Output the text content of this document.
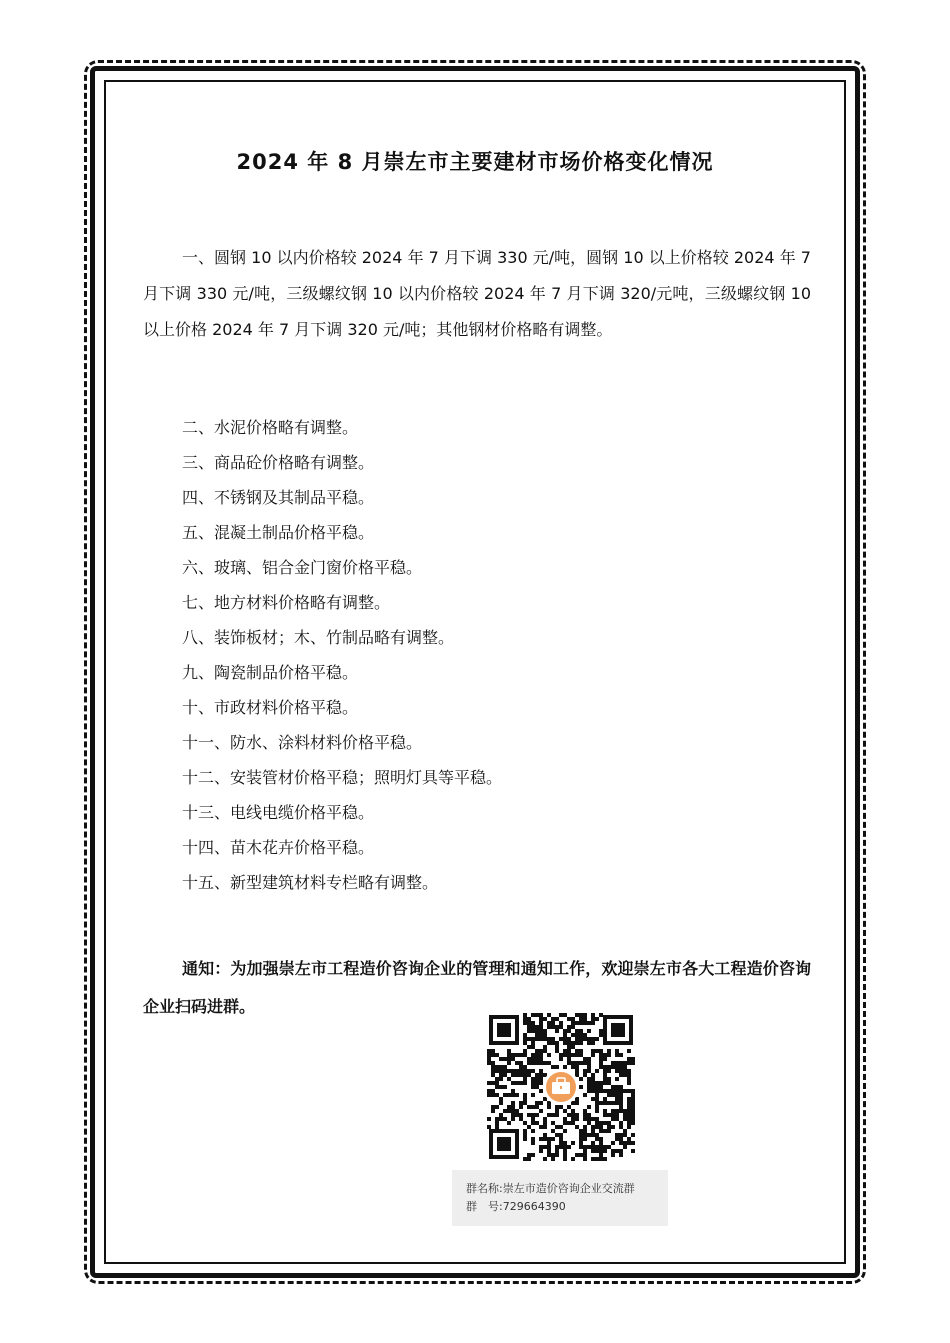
2024 年 8 月崇左市主要建材市场价格变化情况
一、圆钢 10 以内价格较 2024 年 7 月下调 330 元/吨，圆钢 10 以上价格较 2024 年 7 月下调 330 元/吨，三级螺纹钢 10 以内价格较 2024 年 7 月下调 320/元吨，三级螺纹钢 10 以上价格 2024 年 7 月下调 320 元/吨；其他钢材价格略有调整。
二、水泥价格略有调整。
三、商品砼价格略有调整。
四、不锈钢及其制品平稳。
五、混凝土制品价格平稳。
六、玻璃、铝合金门窗价格平稳。
七、地方材料价格略有调整。
八、装饰板材；木、竹制品略有调整。
九、陶瓷制品价格平稳。
十、市政材料价格平稳。
十一、防水、涂料材料价格平稳。
十二、安装管材价格平稳；照明灯具等平稳。
十三、电线电缆价格平稳。
十四、苗木花卉价格平稳。
十五、新型建筑材料专栏略有调整。
通知：为加强崇左市工程造价咨询企业的管理和通知工作，欢迎崇左市各大工程造价咨询企业扫码进群。
群名称:崇左市造价咨询企业交流群
群　号:729664390
